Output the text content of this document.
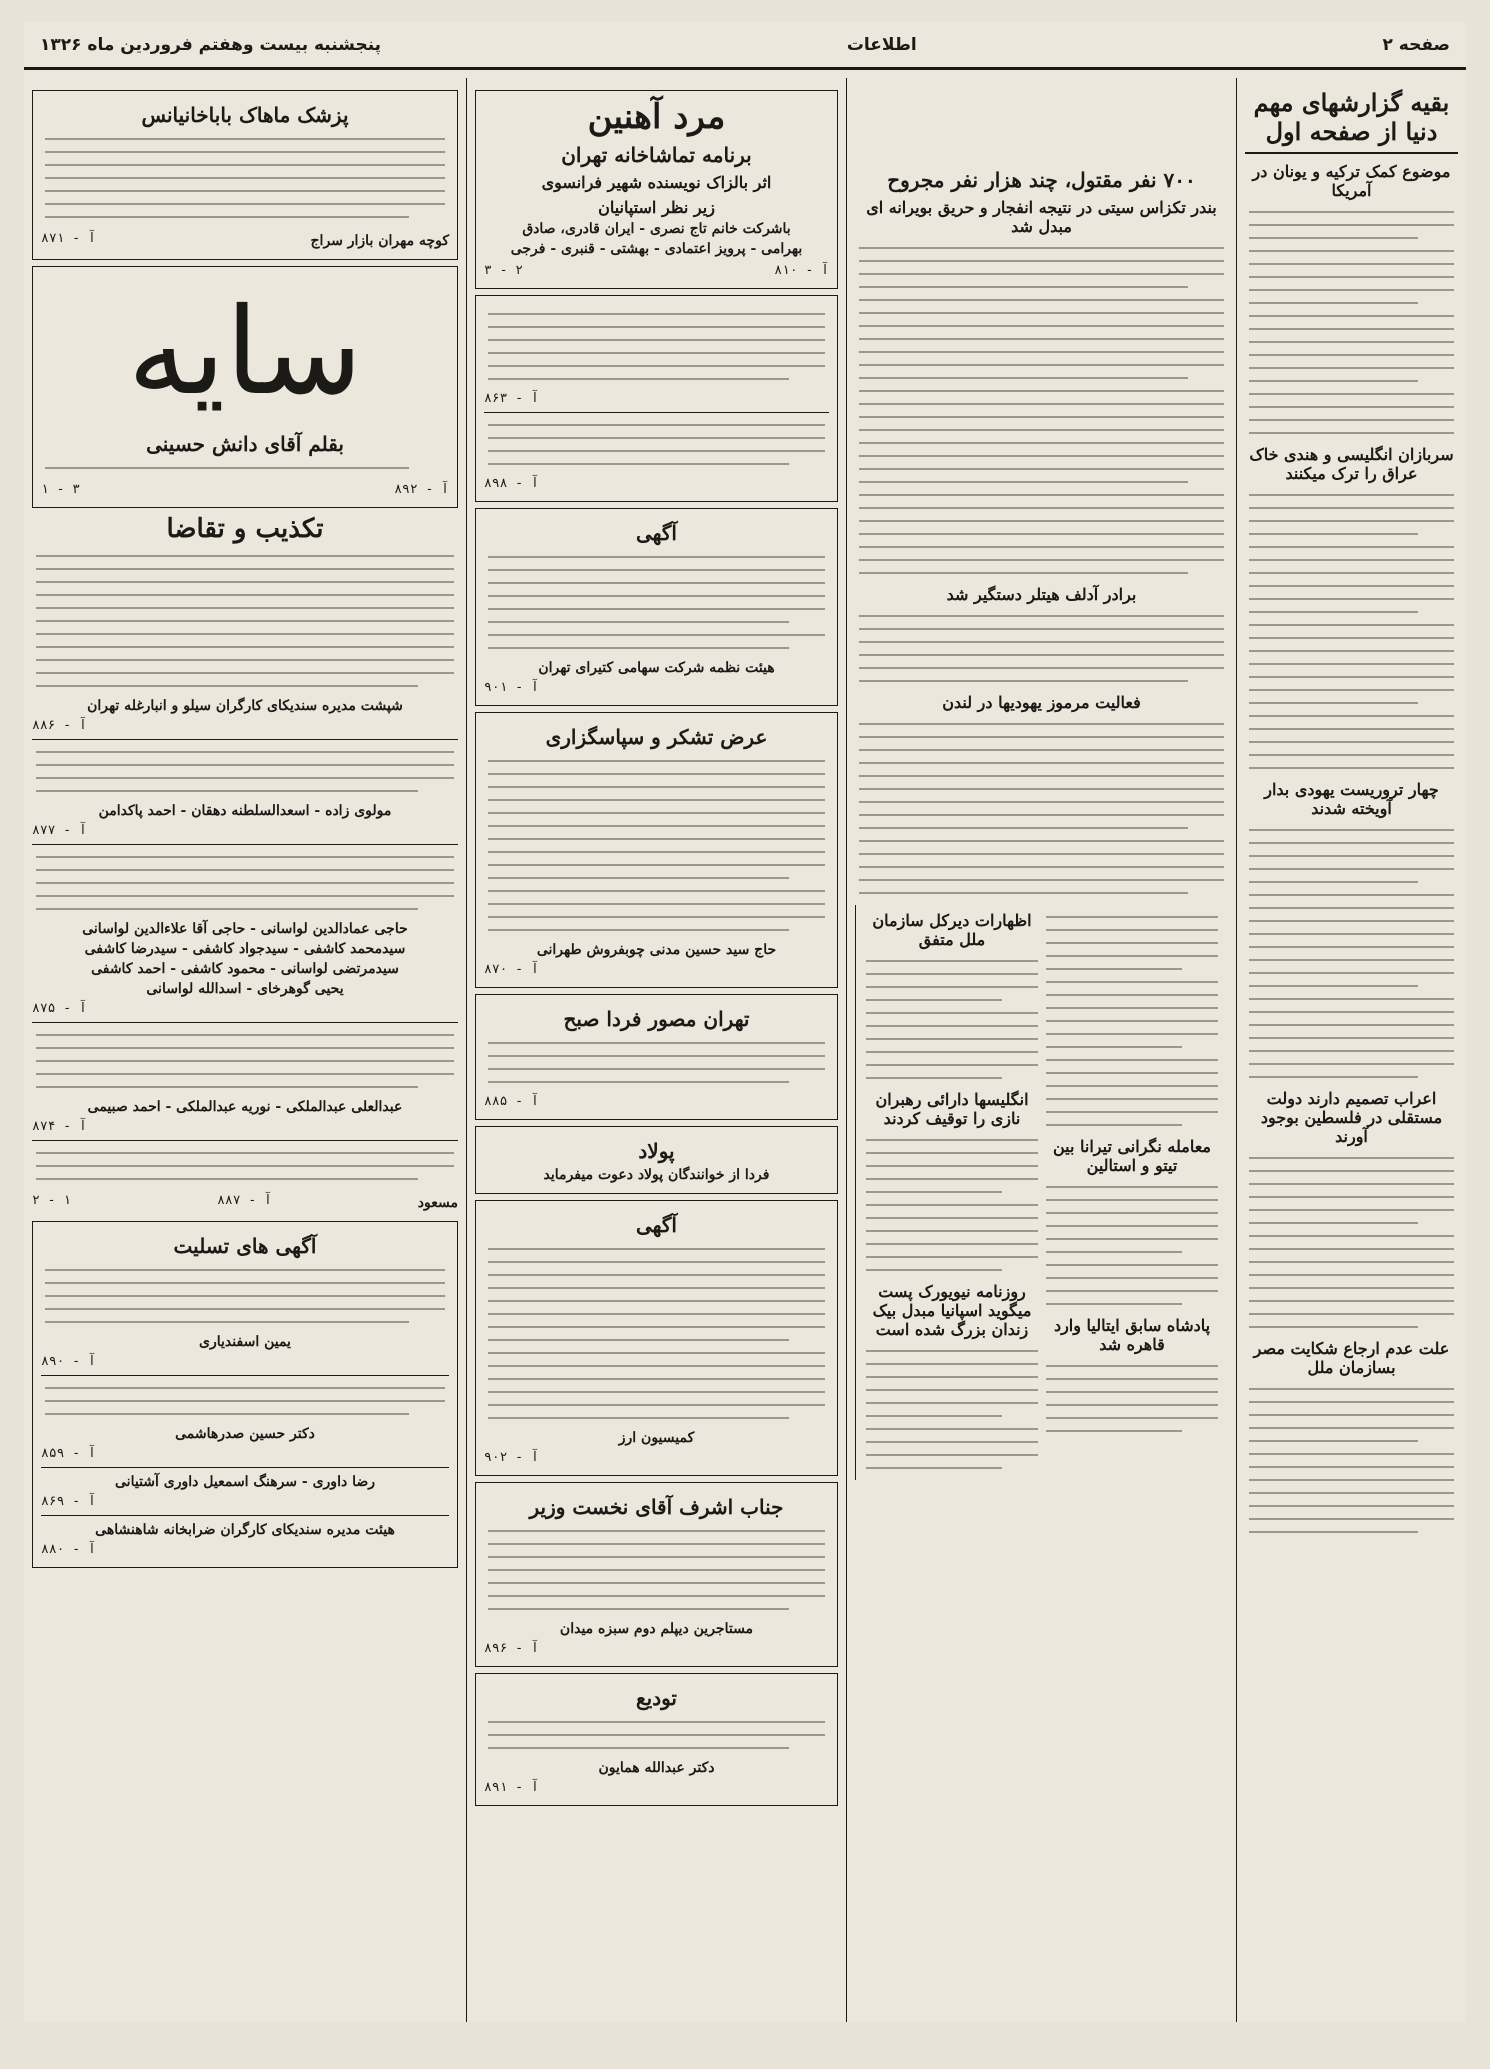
صفحه ۲
اطلاعات
پنجشنبه بیست وهفتم فروردین ماه ۱۳۲۶
بقیه گزارشهای مهم دنیا از صفحه اول
موضوع کمک ترکیه و یونان در آمریکا
سربازان انگلیسی و هندی خاک عراق را ترک میکنند
چهار تروریست یهودی بدار آویخته شدند
اعراب تصمیم دارند دولت مستقلی در فلسطین بوجود آورند
علت عدم ارجاع شکایت مصر بسازمان ملل
۷۰۰ نفر مقتول، چند هزار نفر مجروح
بندر تکزاس سیتی در نتیجه انفجار و حریق بویرانه ای مبدل شد
برادر آدلف هیتلر دستگیر شد
فعالیت مرموز یهودیها در لندن
اظهارات دیرکل سازمان ملل متفق
انگلیسها دارائی رهبران نازی را توقیف کردند
روزنامه نیویورک پست میگوید اسپانیا مبدل بیک زندان بزرگ شده است
معامله نگرانی تیرانا بین تیتو و استالین
پادشاه سابق ایتالیا وارد قاهره شد
مرد آهنین
برنامه تماشاخانه تهران
اثر بالزاک نویسنده شهیر فرانسوی
زیر نظر استپانیان
باشرکت خانم تاج نصری - ایران قادری، صادق
بهرامی - پرویز اعتمادی - بهشتی - قنبری - فرجی
آ - ۸۱۰
۳ - ۲
آ - ۸۶۳
آ - ۸۹۸
آگهی
هیئت نظمه شرکت سهامی کتیرای تهران
آ - ۹۰۱
عرض تشکر و سپاسگزاری
حاج سید حسین مدنی چوبفروش طهرانی
آ - ۸۷۰
تهران مصور فردا صبح
آ - ۸۸۵
پولاد
فردا از خوانندگان پولاد دعوت میفرماید
آگهی
کمیسیون ارز
آ - ۹۰۲
جناب اشرف آقای نخست وزیر
مستاجرین دیپلم دوم سبزه میدان
آ - ۸۹۶
تودیع
دکتر عبدالله همایون
آ - ۸۹۱
پزشک ماهاک باباخانیانس
کوچه مهران بازار سراج
آ - ۸۷۱
سایه
بقلم آقای دانش حسینی
آ - ۸۹۲
۱ - ۳
تکذیب و تقاضا
شپشت مدیره سندیکای کارگران سیلو و انبارغله تهران
آ - ۸۸۶
مولوی زاده - اسعدالسلطنه دهقان - احمد پاکدامن
آ - ۸۷۷
حاجی عمادالدین لواسانی - حاجی آقا علاءالدین لواسانی
سیدمحمد کاشفی - سیدجواد کاشفی - سیدرضا کاشفی
سیدمرتضی لواسانی - محمود کاشفی - احمد کاشفی
یحیی گوهرخای - اسدالله لواسانی
آ - ۸۷۵
عبدالعلی عبدالملکی - نوریه عبدالملکی - احمد صبیمی
آ - ۸۷۴
مسعود
آ - ۸۸۷
۲ - ۱
آگهی های تسلیت
یمین اسفندیاری
آ - ۸۹۰
دکتر حسین صدرهاشمی
آ - ۸۵۹
رضا داوری - سرهنگ اسمعیل داوری آشتیانی
آ - ۸۶۹
هیئت مدیره سندیکای کارگران ضرابخانه شاهنشاهی
آ - ۸۸۰
